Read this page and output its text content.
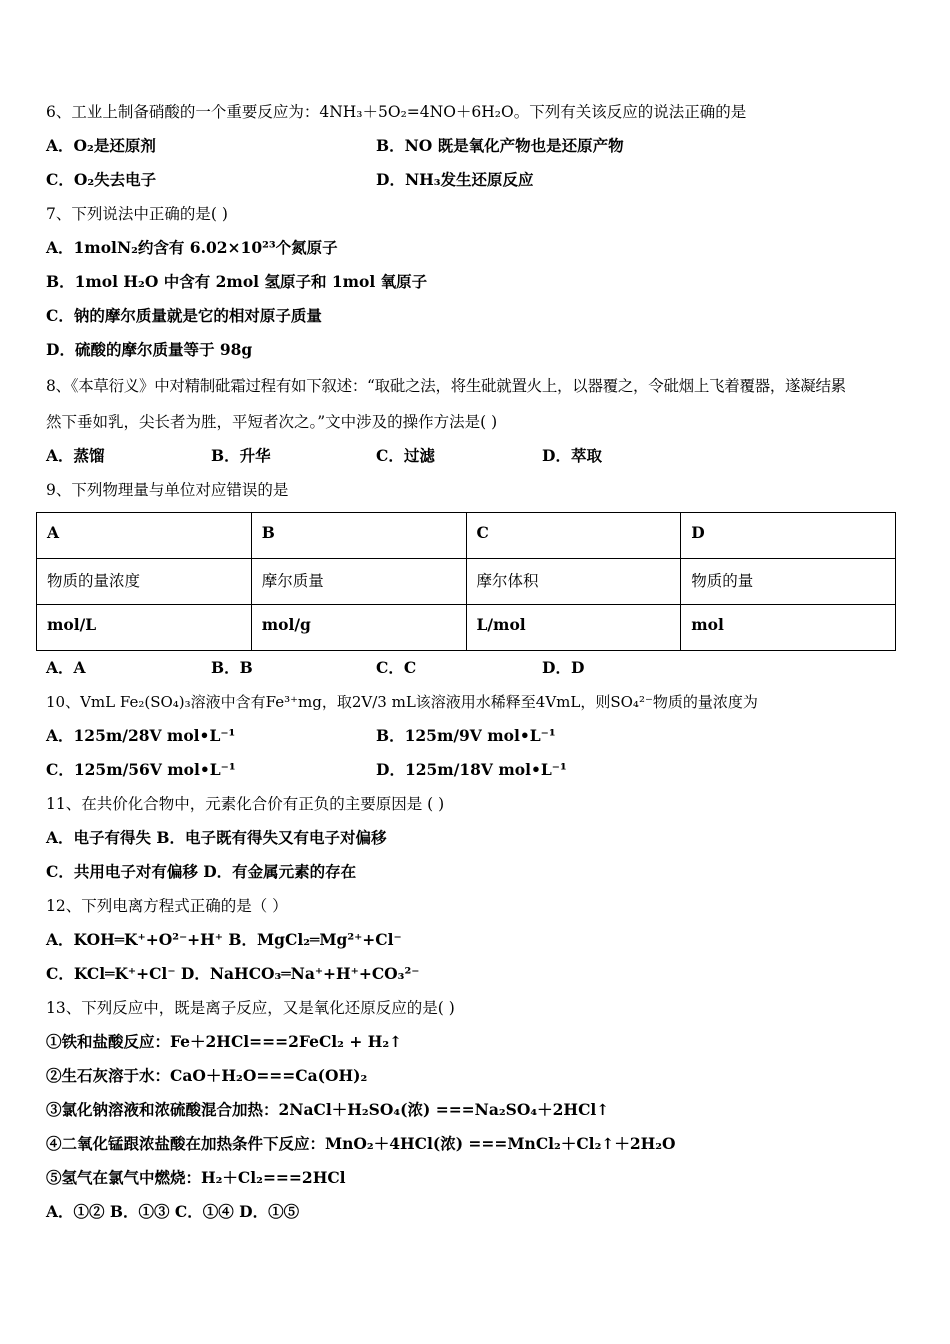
6、工业上制备硝酸的一个重要反应为：4NH₃＋5O₂=4NO＋6H₂O。下列有关该反应的说法正确的是
A．O₂是还原剂	B．NO 既是氧化产物也是还原产物
C．O₂失去电子	D．NH₃发生还原反应
7、下列说法中正确的是( )
A．1molN₂约含有 6.02×10²³个氮原子
B．1mol H₂O 中含有 2mol 氢原子和 1mol 氧原子
C．钠的摩尔质量就是它的相对原子质量
D．硫酸的摩尔质量等于 98g
8、《本草衍义》中对精制砒霜过程有如下叙述：“取砒之法，将生砒就置火上，以器覆之，令砒烟上飞着覆器，遂凝结累
然下垂如乳，尖长者为胜，平短者次之。”文中涉及的操作方法是( )
A．蒸馏	B．升华	C．过滤	D．萃取
9、下列物理量与单位对应错误的是
A	B	C	D
物质的量浓度	摩尔质量	摩尔体积	物质的量
mol/L	mol/g	L/mol	mol
A．A	B．B	C．C	D．D
10、VmL Fe₂(SO₄)₃溶液中含有Fe³⁺mg，取2V/3 mL该溶液用水稀释至4VmL，则SO₄²⁻物质的量浓度为
A．125m/28V mol•L⁻¹	B．125m/9V mol•L⁻¹
C．125m/56V mol•L⁻¹	D．125m/18V mol•L⁻¹
11、在共价化合物中，元素化合价有正负的主要原因是 ( )
A．电子有得失 B．电子既有得失又有电子对偏移
C．共用电子对有偏移 D．有金属元素的存在
12、下列电离方程式正确的是（ ）
A．KOH═K⁺+O²⁻+H⁺ B．MgCl₂═Mg²⁺+Cl⁻
C．KCl═K⁺+Cl⁻ D．NaHCO₃═Na⁺+H⁺+CO₃²⁻
13、下列反应中，既是离子反应，又是氧化还原反应的是( )
①铁和盐酸反应：Fe＋2HCl===2FeCl₂ + H₂↑
②生石灰溶于水：CaO＋H₂O===Ca(OH)₂
③氯化钠溶液和浓硫酸混合加热：2NaCl＋H₂SO₄(浓) ===Na₂SO₄＋2HCl↑
④二氧化锰跟浓盐酸在加热条件下反应：MnO₂＋4HCl(浓) ===MnCl₂＋Cl₂↑＋2H₂O
⑤氢气在氯气中燃烧：H₂＋Cl₂===2HCl
A．①② B．①③ C．①④ D．①⑤
